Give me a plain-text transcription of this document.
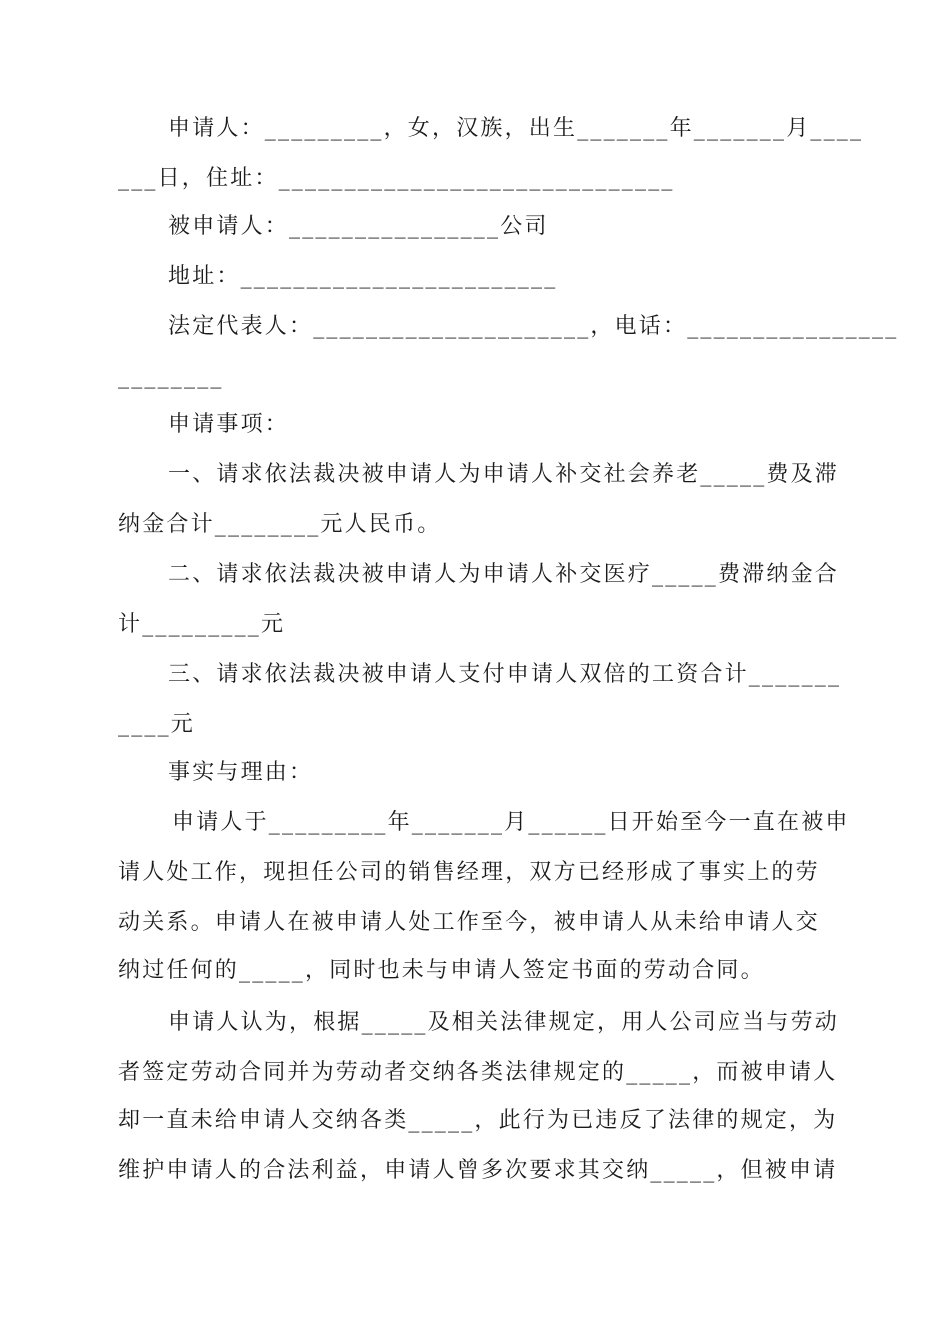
申请人：_________，女，汉族，出生_______年_______月____
___日，住址：______________________________
被申请人：________________公司
地址：________________________
法定代表人：_____________________，电话：________________
________
申请事项：
一、请求依法裁决被申请人为申请人补交社会养老_____费及滞
纳金合计________元人民币。
二、请求依法裁决被申请人为申请人补交医疗_____费滞纳金合
计_________元
三、请求依法裁决被申请人支付申请人双倍的工资合计_______
____元
事实与理由：
申请人于_________年_______月______日开始至今一直在被申
请人处工作，现担任公司的销售经理，双方已经形成了事实上的劳
动关系。申请人在被申请人处工作至今，被申请人从未给申请人交
纳过任何的_____，同时也未与申请人签定书面的劳动合同。
申请人认为，根据_____及相关法律规定，用人公司应当与劳动
者签定劳动合同并为劳动者交纳各类法律规定的_____，而被申请人
却一直未给申请人交纳各类_____，此行为已违反了法律的规定，为
维护申请人的合法利益，申请人曾多次要求其交纳_____，但被申请
